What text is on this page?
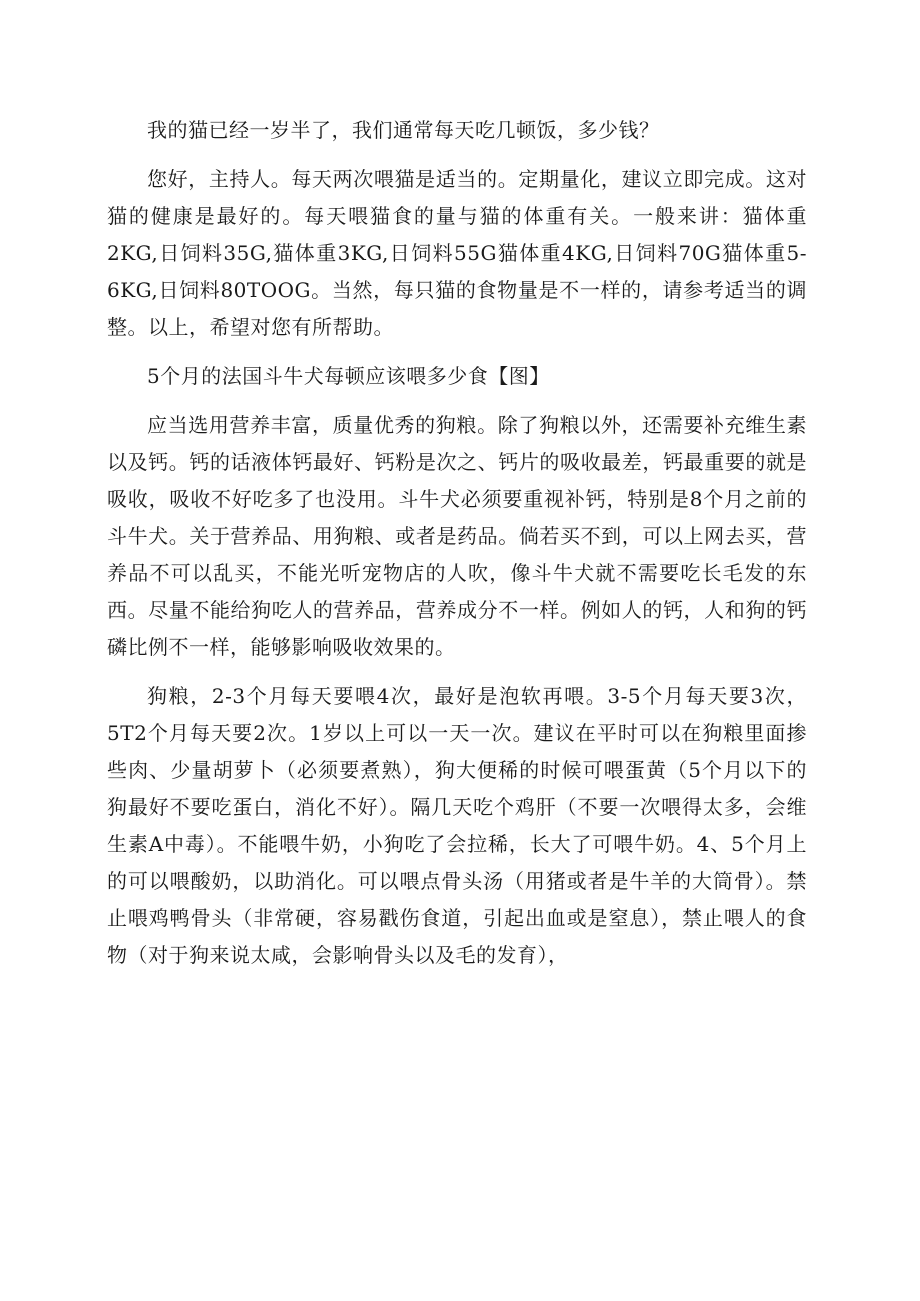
我的猫已经一岁半了，我们通常每天吃几顿饭，多少钱？

您好，主持人。每天两次喂猫是适当的。定期量化，建议立即完成。这对猫的健康是最好的。每天喂猫食的量与猫的体重有关。一般来讲：猫体重2KG,日饲料35G,猫体重3KG,日饲料55G猫体重4KG,日饲料70G猫体重5-6KG,日饲料80TOOG。当然，每只猫的食物量是不一样的，请参考适当的调整。以上，希望对您有所帮助。

5个月的法国斗牛犬每顿应该喂多少食【图】

应当选用营养丰富，质量优秀的狗粮。除了狗粮以外，还需要补充维生素以及钙。钙的话液体钙最好、钙粉是次之、钙片的吸收最差，钙最重要的就是吸收，吸收不好吃多了也没用。斗牛犬必须要重视补钙，特别是8个月之前的斗牛犬。关于营养品、用狗粮、或者是药品。倘若买不到，可以上网去买，营养品不可以乱买，不能光听宠物店的人吹，像斗牛犬就不需要吃长毛发的东西。尽量不能给狗吃人的营养品，营养成分不一样。例如人的钙，人和狗的钙磷比例不一样，能够影响吸收效果的。

狗粮，2-3个月每天要喂4次，最好是泡软再喂。3-5个月每天要3次，5T2个月每天要2次。1岁以上可以一天一次。建议在平时可以在狗粮里面掺些肉、少量胡萝卜（必须要煮熟），狗大便稀的时候可喂蛋黄（5个月以下的狗最好不要吃蛋白，消化不好）。隔几天吃个鸡肝（不要一次喂得太多，会维生素A中毒）。不能喂牛奶，小狗吃了会拉稀，长大了可喂牛奶。4、5个月上的可以喂酸奶，以助消化。可以喂点骨头汤（用猪或者是牛羊的大筒骨）。禁止喂鸡鸭骨头（非常硬，容易戳伤食道，引起出血或是窒息），禁止喂人的食物（对于狗来说太咸，会影响骨头以及毛的发育），
